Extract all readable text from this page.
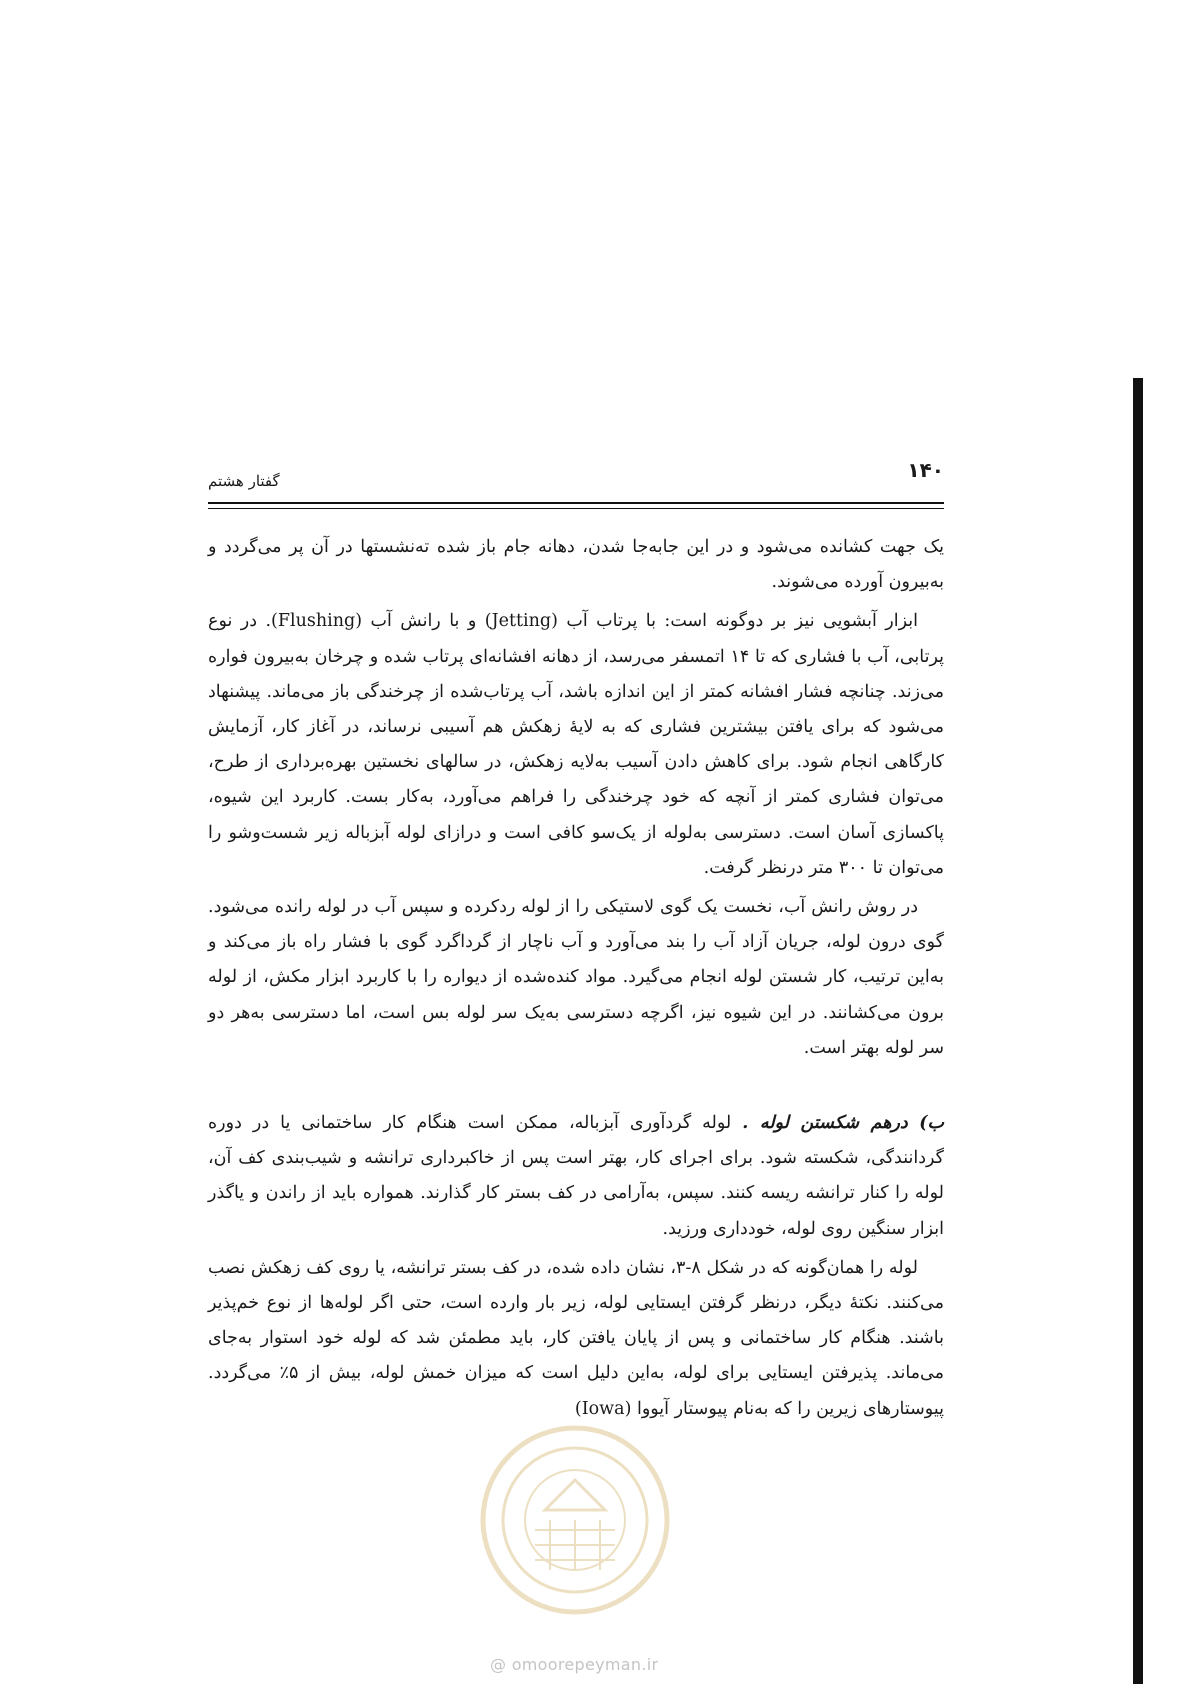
۱۴۰
گفتار هشتم

یک جهت کشانده می‌شود و در این جابه‌جا شدن، دهانه جام باز شده ته‌نشستها در آن پر می‌گردد و به‌بیرون آورده می‌شوند.

ابزار آبشویی نیز بر دوگونه است: با پرتاب آب (Jetting) و با رانش آب (Flushing). در نوع پرتابی، آب با فشاری که تا ۱۴ اتمسفر می‌رسد، از دهانه افشانه‌ای پرتاب شده و چرخان به‌بیرون فواره می‌زند. چنانچه فشار افشانه کمتر از این اندازه باشد، آب پرتاب‌شده از چرخندگی باز می‌ماند. پیشنهاد می‌شود که برای یافتن بیشترین فشاری که به لایهٔ زهکش هم آسیبی نرساند، در آغاز کار، آزمایش کارگاهی انجام شود. برای کاهش دادن آسیب به‌لایه زهکش، در سالهای نخستین بهره‌برداری از طرح، می‌توان فشاری کمتر از آنچه که خود چرخندگی را فراهم می‌آورد، به‌کار بست. کاربرد این شیوه، پاکسازی آسان است. دسترسی به‌لوله از یک‌سو کافی است و درازای لوله آبزباله زیر شست‌وشو را می‌توان تا ۳۰۰ متر درنظر گرفت.

در روش رانش آب، نخست یک گوی لاستیکی را از لوله ردکرده و سپس آب در لوله رانده می‌شود. گوی درون لوله، جریان آزاد آب را بند می‌آورد و آب ناچار از گرداگرد گوی با فشار راه باز می‌کند و به‌این ترتیب، کار شستن لوله انجام می‌گیرد. مواد کنده‌شده از دیواره را با کاربرد ابزار مکش، از لوله برون می‌کشانند. در این شیوه نیز، اگرچه دسترسی به‌یک سر لوله بس است، اما دسترسی به‌هر دو سر لوله بهتر است.

ب) درهم شکستن لوله . لوله گردآوری آبزباله، ممکن است هنگام کار ساختمانی یا در دوره گردانندگی، شکسته شود. برای اجرای کار، بهتر است پس از خاکبرداری ترانشه و شیب‌بندی کف آن، لوله را کنار ترانشه ریسه کنند. سپس، به‌آرامی در کف بستر کار گذارند. همواره باید از راندن و یاگذر ابزار سنگین روی لوله، خودداری ورزید.

لوله را همان‌گونه که در شکل ۸-۳، نشان داده شده، در کف بستر ترانشه، یا روی کف زهکش نصب می‌کنند. نکتهٔ دیگر، درنظر گرفتن ایستایی لوله، زیر بار وارده است، حتی اگر لوله‌ها از نوع خم‌پذیر باشند. هنگام کار ساختمانی و پس از پایان یافتن کار، باید مطمئن شد که لوله خود استوار به‌جای می‌ماند. پذیرفتن ایستایی برای لوله، به‌این دلیل است که میزان خمش لوله، بیش از ۵٪ می‌گردد. پیوستارهای زیرین را که به‌نام پیوستار آیووا (Iowa)

@ omoorepeyman.ir
